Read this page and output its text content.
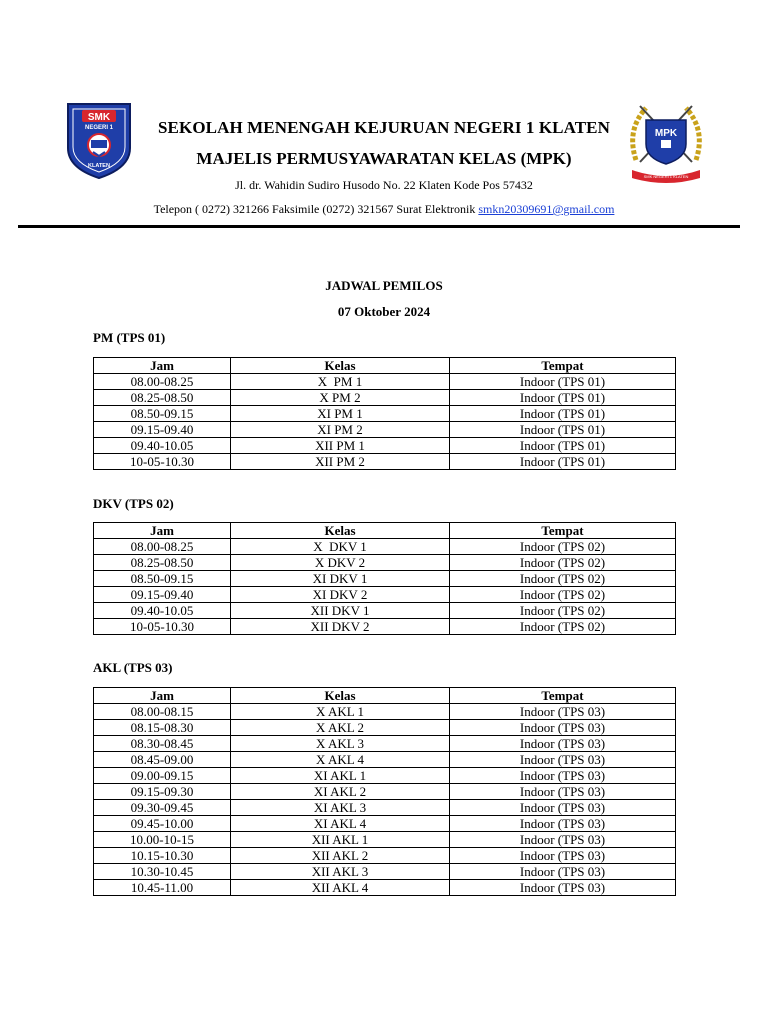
SMK
NEGERI 1
KLATEN
MPK
SMK NEGERI 1 KLATEN
SEKOLAH MENENGAH KEJURUAN NEGERI 1 KLATEN
MAJELIS PERMUSYAWARATAN KELAS (MPK)
Jl. dr. Wahidin Sudiro Husodo No. 22 Klaten Kode Pos 57432
Telepon ( 0272) 321266 Faksimile (0272) 321567 Surat Elektronik smkn20309691@gmail.com
JADWAL PEMILOS
07 Oktober 2024
PM (TPS 01)
Jam	Kelas	Tempat
08.00-08.25	X  PM 1	Indoor (TPS 01)
08.25-08.50	X PM 2	Indoor (TPS 01)
08.50-09.15	XI PM 1	Indoor (TPS 01)
09.15-09.40	XI PM 2	Indoor (TPS 01)
09.40-10.05	XII PM 1	Indoor (TPS 01)
10-05-10.30	XII PM 2	Indoor (TPS 01)
DKV (TPS 02)
Jam	Kelas	Tempat
08.00-08.25	X  DKV 1	Indoor (TPS 02)
08.25-08.50	X DKV 2	Indoor (TPS 02)
08.50-09.15	XI DKV 1	Indoor (TPS 02)
09.15-09.40	XI DKV 2	Indoor (TPS 02)
09.40-10.05	XII DKV 1	Indoor (TPS 02)
10-05-10.30	XII DKV 2	Indoor (TPS 02)
AKL (TPS 03)
Jam	Kelas	Tempat
08.00-08.15	X AKL 1	Indoor (TPS 03)
08.15-08.30	X AKL 2	Indoor (TPS 03)
08.30-08.45	X AKL 3	Indoor (TPS 03)
08.45-09.00	X AKL 4	Indoor (TPS 03)
09.00-09.15	XI AKL 1	Indoor (TPS 03)
09.15-09.30	XI AKL 2	Indoor (TPS 03)
09.30-09.45	XI AKL 3	Indoor (TPS 03)
09.45-10.00	XI AKL 4	Indoor (TPS 03)
10.00-10-15	XII AKL 1	Indoor (TPS 03)
10.15-10.30	XII AKL 2	Indoor (TPS 03)
10.30-10.45	XII AKL 3	Indoor (TPS 03)
10.45-11.00	XII AKL 4	Indoor (TPS 03)
